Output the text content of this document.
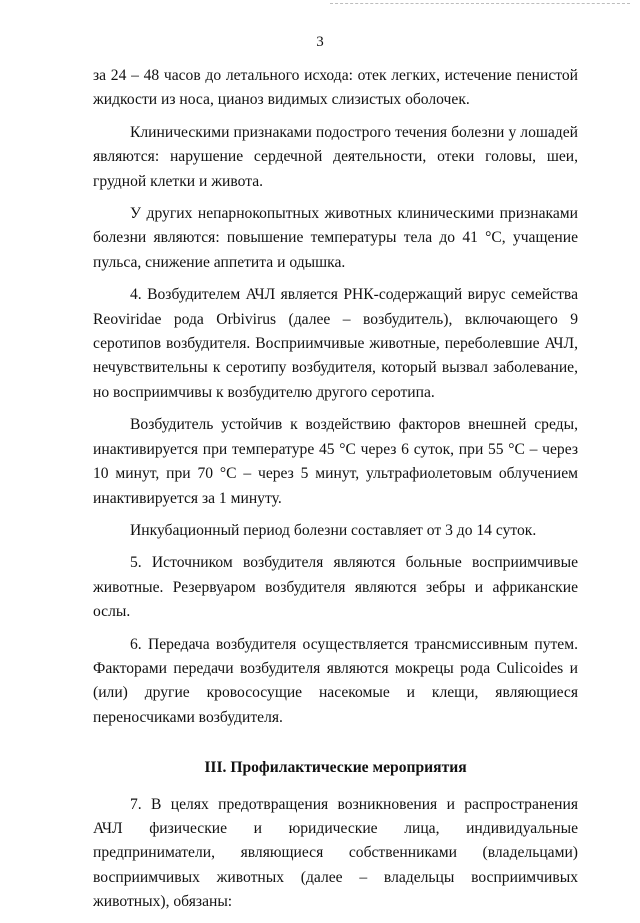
3

за 24 – 48 часов до летального исхода: отек легких, истечение пенистой жидкости из носа, цианоз видимых слизистых оболочек.

Клиническими признаками подострого течения болезни у лошадей являются: нарушение сердечной деятельности, отеки головы, шеи, грудной клетки и живота.

У других непарнокопытных животных клиническими признаками болезни являются: повышение температуры тела до 41 °С, учащение пульса, снижение аппетита и одышка.

4. Возбудителем АЧЛ является РНК-содержащий вирус семейства Reoviridae рода Orbivirus (далее – возбудитель), включающего 9 серотипов возбудителя. Восприимчивые животные, переболевшие АЧЛ, нечувствительны к серотипу возбудителя, который вызвал заболевание, но восприимчивы к возбудителю другого серотипа.

Возбудитель устойчив к воздействию факторов внешней среды, инактивируется при температуре 45 °С через 6 суток, при 55 °С – через 10 минут, при 70 °С – через 5 минут, ультрафиолетовым облучением инактивируется за 1 минуту.

Инкубационный период болезни составляет от 3 до 14 суток.

5. Источником возбудителя являются больные восприимчивые животные. Резервуаром возбудителя являются зебры и африканские ослы.

6. Передача возбудителя осуществляется трансмиссивным путем. Факторами передачи возбудителя являются мокрецы рода Culicoides и (или) другие кровососущие насекомые и клещи, являющиеся переносчиками возбудителя.

III. Профилактические мероприятия

7. В целях предотвращения возникновения и распространения АЧЛ физические и юридические лица, индивидуальные предприниматели, являющиеся собственниками (владельцами) восприимчивых животных (далее – владельцы восприимчивых животных), обязаны:
